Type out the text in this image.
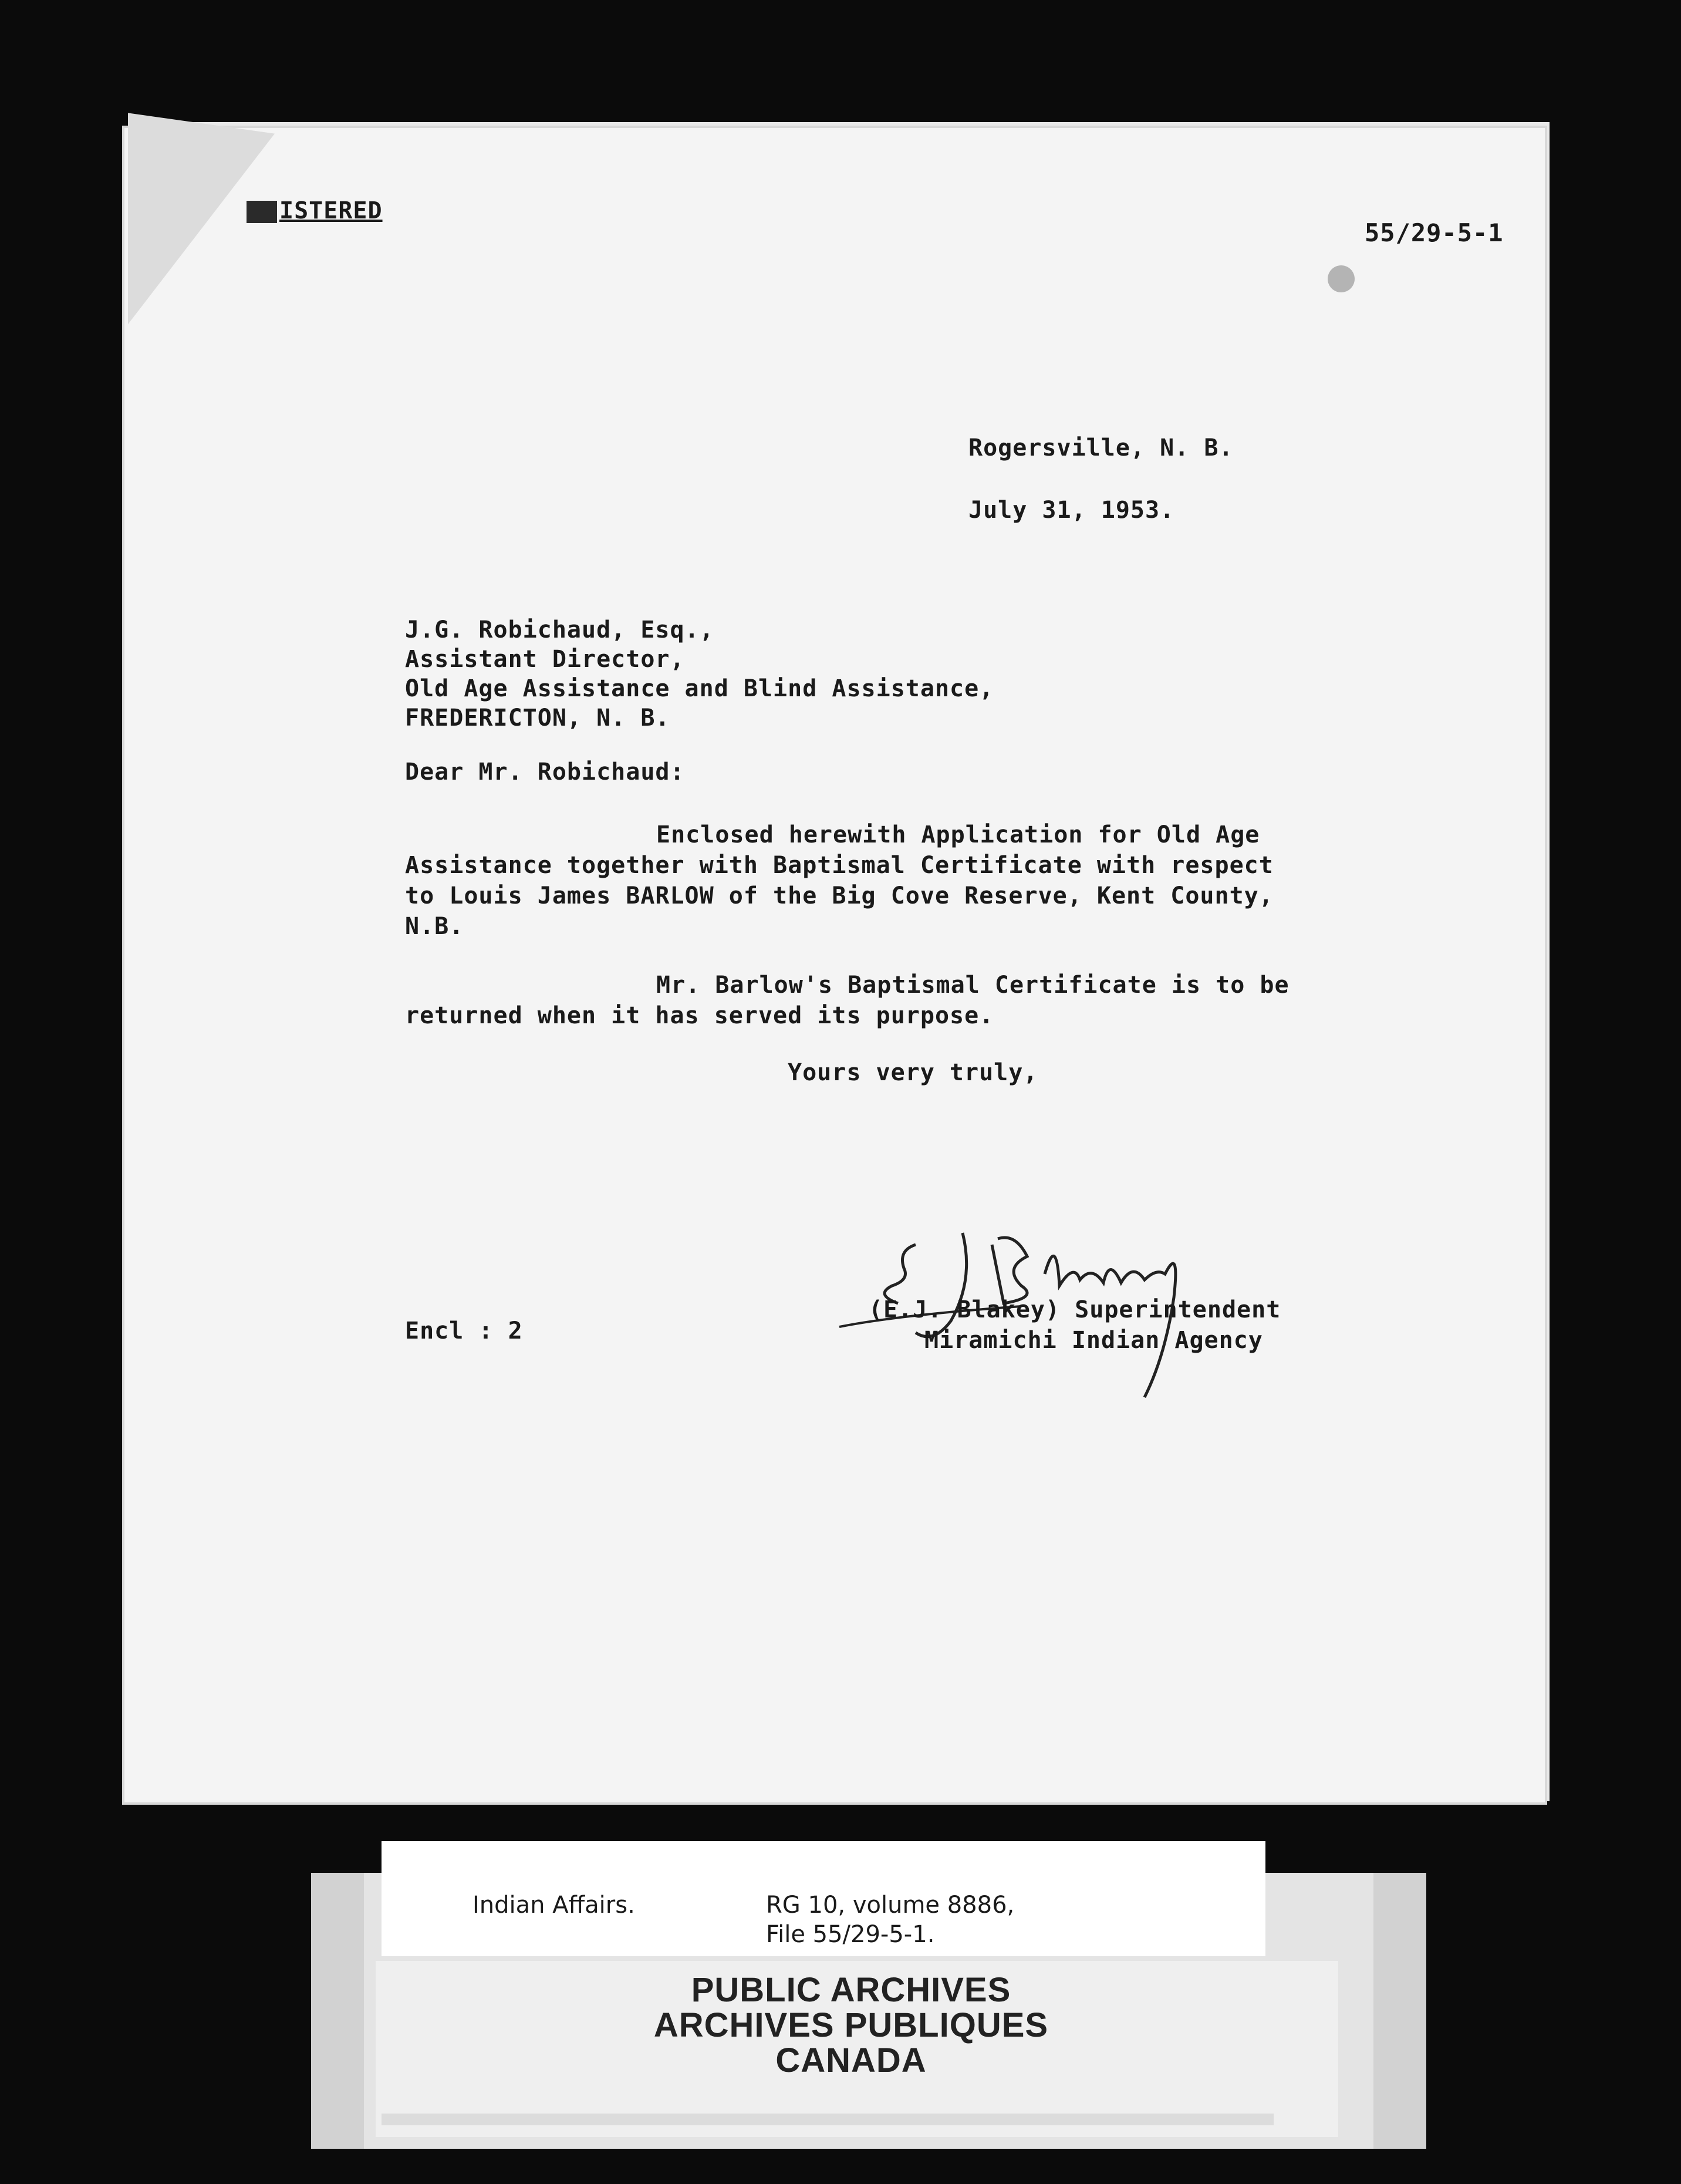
ISTERED
55/29-5-1
Rogersville, N. B.
July 31, 1953.
J.G. Robichaud, Esq.,
Assistant Director,
Old Age Assistance and Blind Assistance,
FREDERICTON, N. B.
Dear Mr. Robichaud:
Enclosed herewith Application for Old Age
Assistance together with Baptismal Certificate with respect
to Louis James BARLOW of the Big Cove Reserve, Kent County,
N.B.
Mr. Barlow's Baptismal Certificate is to be
returned when it has served its purpose.
Yours very truly,
(E.J. Blakey) Superintendent
Miramichi Indian Agency
Encl : 2
Indian Affairs.	RG 10, volume 8886,
File 55/29-5-1.
PUBLIC ARCHIVES
ARCHIVES PUBLIQUES
CANADA
